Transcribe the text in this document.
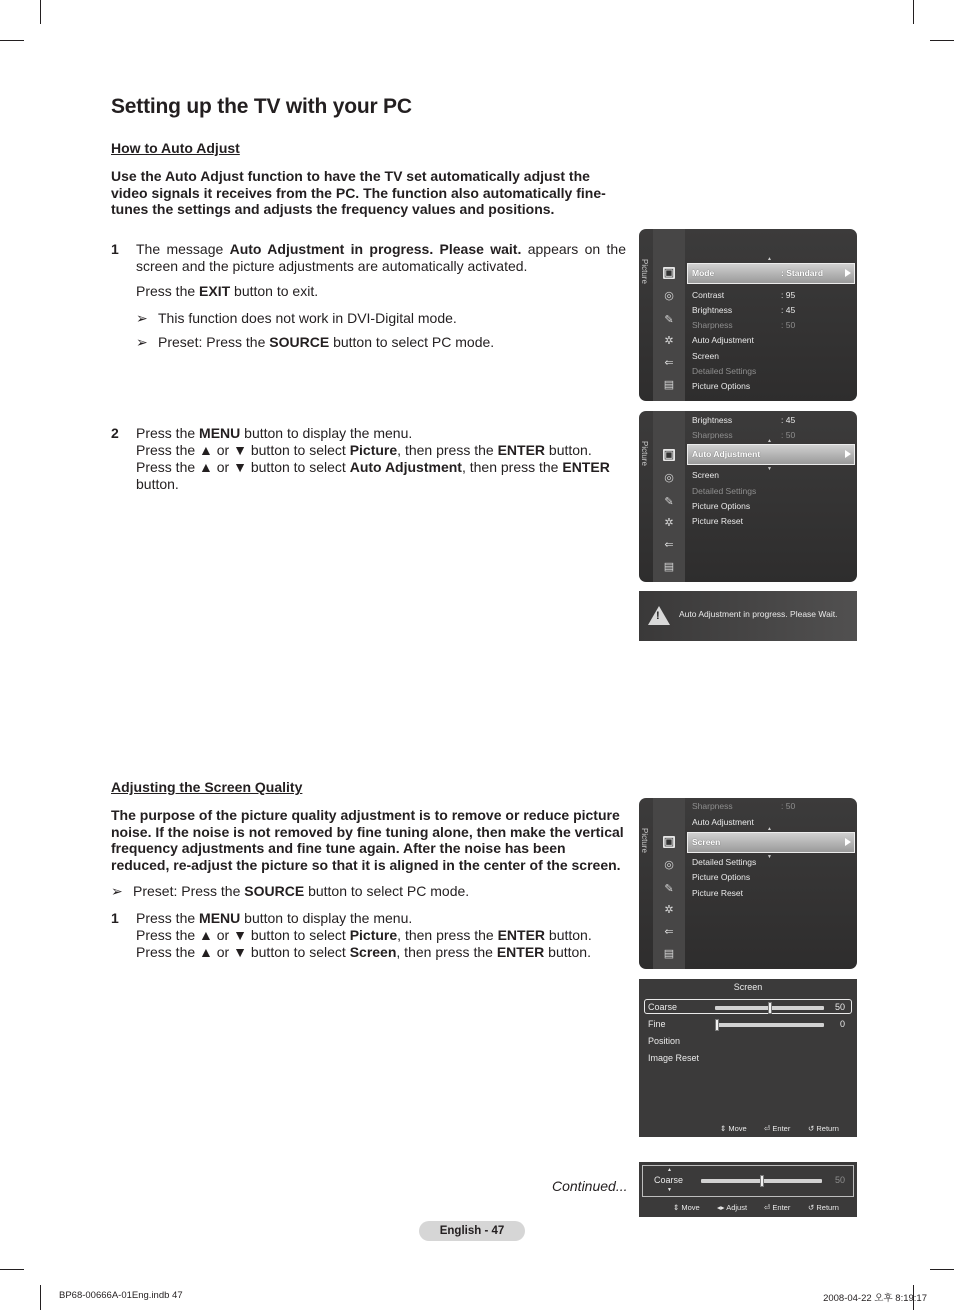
Setting up the TV with your PC
How to Auto Adjust
Use the Auto Adjust function to have the TV set automatically adjust the video signals it receives from the PC. The function also automatically fine-tunes the settings and adjusts the frequency values and positions.
1 The message Auto Adjustment in progress. Please wait. appears on the screen and the picture adjustments are automatically activated.
Press the EXIT button to exit.
➢ This function does not work in DVI-Digital mode.
➢ Preset: Press the SOURCE button to select PC mode.
2 Press the MENU button to display the menu.
Press the ▲ or ▼ button to select Picture, then press the ENTER button.
Press the ▲ or ▼ button to select Auto Adjustment, then press the ENTER button.
Picture ▣
◎
✎
✲
⇐
▤
▲
Mode	: Standard
Contrast	: 95
Brightness	: 45
Sharpness	: 50
Auto Adjustment
Screen
Detailed Settings
Picture Options
Picture ▣
◎
✎
✲
⇐
▤
Brightness	: 45
Sharpness	: 50
▲
Auto Adjustment
▼
Screen
Detailed Settings
Picture Options
Picture Reset
! Auto Adjustment in progress. Please Wait.
Adjusting the Screen Quality
The purpose of the picture quality adjustment is to remove or reduce picture noise. If the noise is not removed by fine tuning alone, then make the vertical frequency adjustments and fine tune again. After the noise has been reduced, re-adjust the picture so that it is aligned in the center of the screen.
➢ Preset: Press the SOURCE button to select PC mode.
1 Press the MENU button to display the menu.
Press the ▲ or ▼ button to select Picture, then press the ENTER button.
Press the ▲ or ▼ button to select Screen, then press the ENTER button.
Picture ▣
◎
✎
✲
⇐
▤
Sharpness	: 50
Auto Adjustment
▲
Screen
▼
Detailed Settings
Picture Options
Picture Reset
Screen
Coarse	50
Fine	0
Position
Image Reset
⇕ Move ⏎ Enter ↺ Return
Continued...
▲
Coarse
▼
50
⇕ Move ◂▸ Adjust ⏎ Enter ↺ Return
English - 47
BP68-00666A-01Eng.indb 47	2008-04-22 오후 8:19:17
